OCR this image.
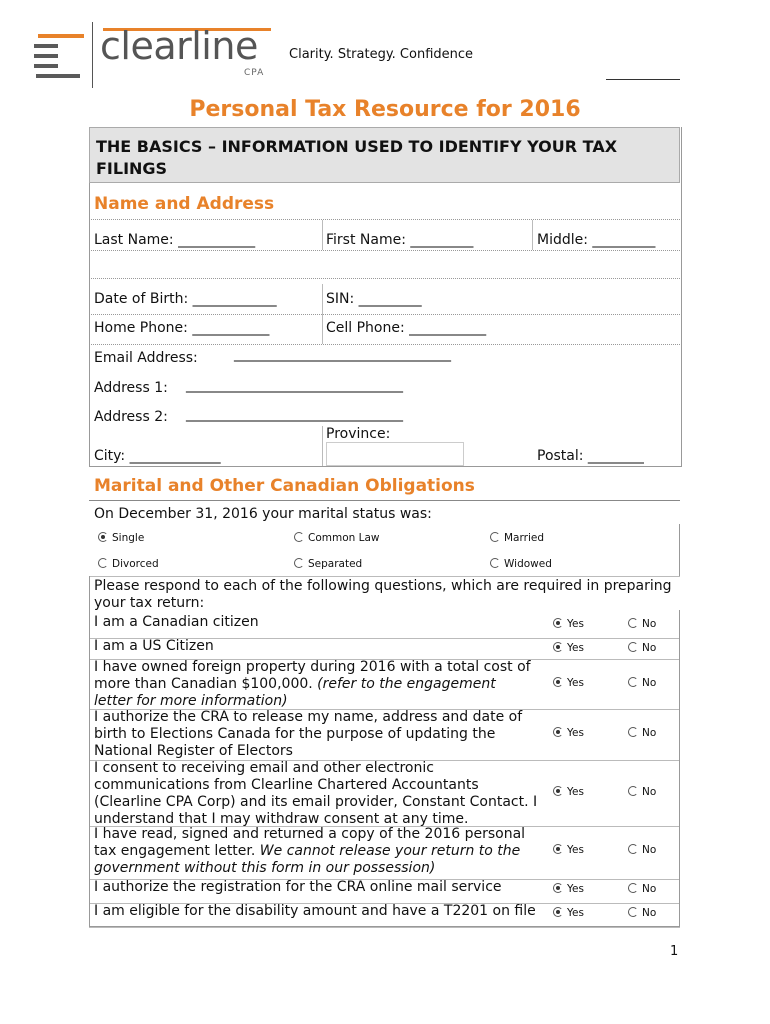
clearline
CPA
Clarity. Strategy. Confidence
Personal Tax Resource for 2016
THE BASICS – INFORMATION USED TO IDENTIFY YOUR TAX
FILINGS
Name and Address
Last Name: ___________	First Name: _________	Middle: _________
Date of Birth: ____________	SIN: _________
Home Phone: ___________	Cell Phone: ___________
Email Address:	_______________________________
Address 1: _______________________________
Address 2: _______________________________
Province:
City: _____________	Postal: ________
Marital and Other Canadian Obligations
On December 31, 2016 your marital status was:
Single	Common Law	Married
Divorced	Separated	Widowed
Please respond to each of the following questions, which are required in preparing
your tax return:
I am a Canadian citizen	Yes	No
I am a US Citizen	Yes	No
I have owned foreign property during 2016 with a total cost of
more than Canadian $100,000. (refer to the engagement
letter for more information)
Yes	No
I authorize the CRA to release my name, address and date of
birth to Elections Canada for the purpose of updating the
National Register of Electors
Yes	No
I consent to receiving email and other electronic
communications from Clearline Chartered Accountants
(Clearline CPA Corp) and its email provider, Constant Contact. I
understand that I may withdraw consent at any time.
Yes	No
I have read, signed and returned a copy of the 2016 personal
tax engagement letter. We cannot release your return to the
government without this form in our possession)
Yes	No
I authorize the registration for the CRA online mail service	Yes	No
I am eligible for the disability amount and have a T2201 on file	Yes	No
1
